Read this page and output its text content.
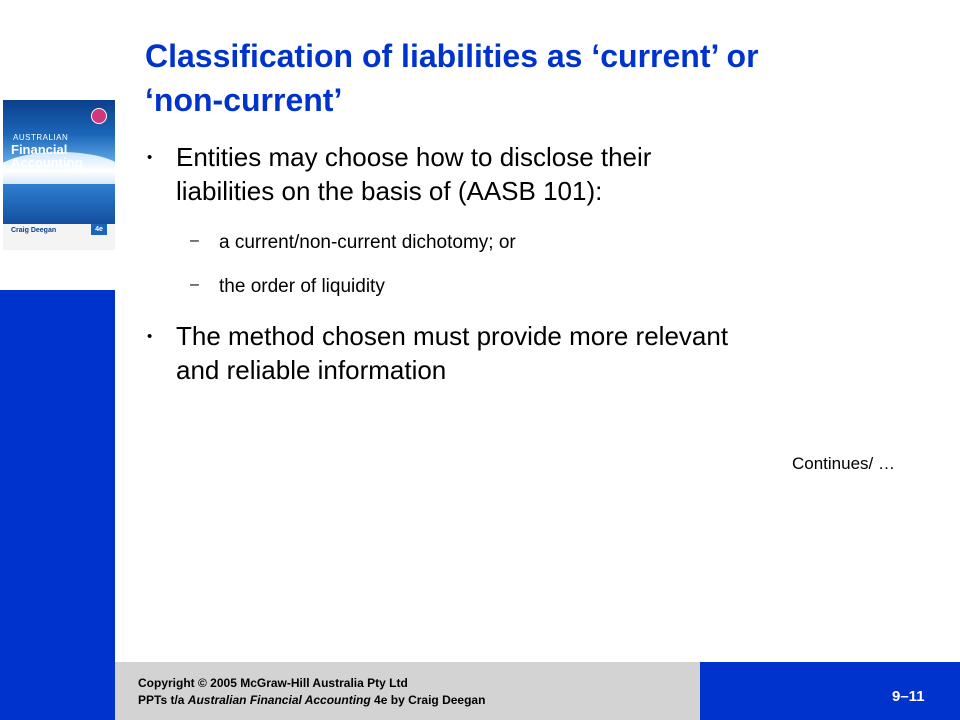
AUSTRALIAN
Financial
Accounting
Craig Deegan	4e
Classification of liabilities as ‘current’ or
‘non-current’
• Entities may choose how to disclose their
liabilities on the basis of (AASB 101):
– a current/non-current dichotomy; or
– the order of liquidity
• The method chosen must provide more relevant
and reliable information
Continues/ …
Copyright © 2005 McGraw-Hill Australia Pty Ltd
PPTs t/a Australian Financial Accounting 4e by Craig Deegan	9–11
